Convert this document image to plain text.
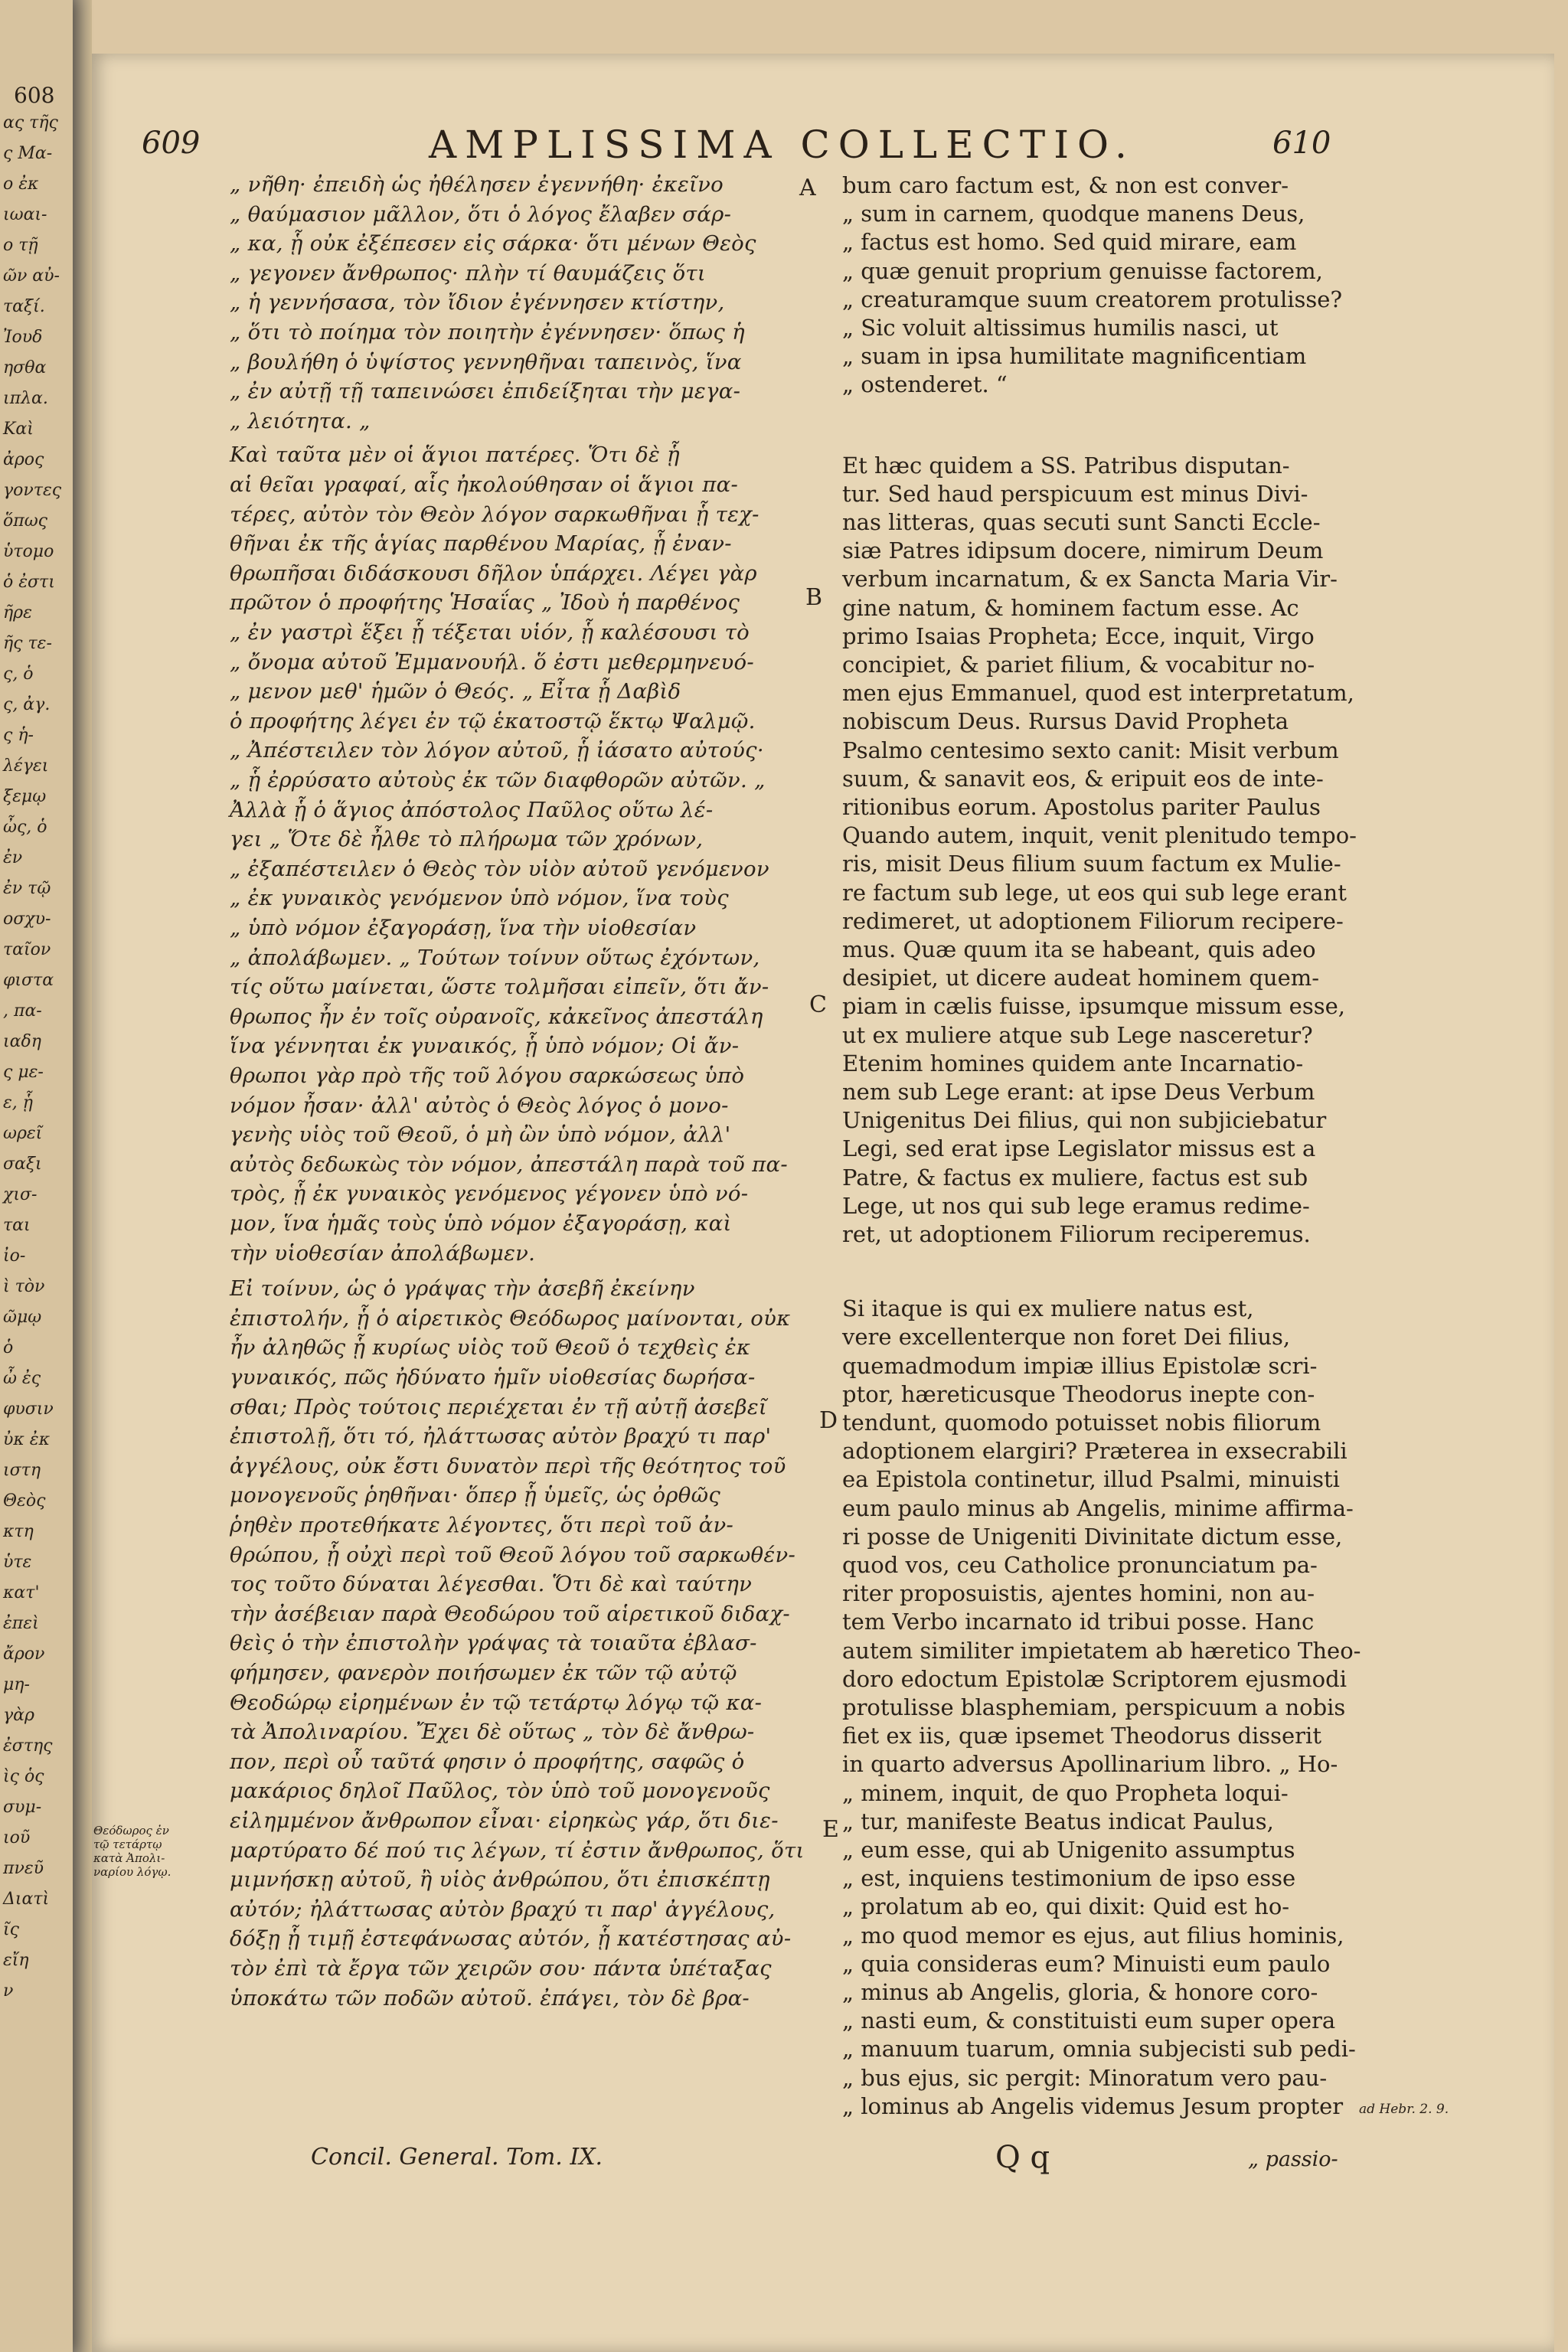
608
ας τῆς
ς Μα-
ο ἐκ
ιωαι-
ο τῇ
ῶν αὐ-
ταξί.
Ἰουδ
ησθα
ιπλα.
Καὶ
ἀρος
γοντες
ὅπως
ὑτομο
ὁ ἐστι
ῆρε
ῆς τε-
ς, ὁ
ς, ἀγ.
ς ἡ-
λέγει
ξεμῳ
ὦς, ὁ
ἐν
ἐν τῷ
οσχυ-
ταῖον
φιστα
, πα-
ιαδη
ς με-
ε, ᾗ
ωρεῖ
σαξι
χισ-
ται
ἰο-
ὶ τὸν
ῶμῳ
ὁ
ὦ ἐς
φυσιν
ὐκ ἐκ
ιστη
Θεὸς
κτη
ὑτε
κατ'
ἐπεὶ
ἄρον
μη-
γὰρ
ἐστης
ὶς ὁς
συμ-
ιοῦ
πνεῦ
Διατὶ
ῖς
εἴη
ν
609	AMPLISSIMA COLLECTIO.	610
„ νῆθη· ἐπειδὴ ὡς ἠθέλησεν ἐγεννήθη· ἐκεῖνο
„ θαύμασιον μᾶλλον, ὅτι ὁ λόγος ἔλαβεν σάρ-
„ κα, ᾗ οὐκ ἐξέπεσεν εἰς σάρκα· ὅτι μένων Θεὸς
„ γεγονεν ἄνθρωπος· πλὴν τί θαυμάζεις ὅτι
„ ἡ γεννήσασα, τὸν ἴδιον ἐγέννησεν κτίστην,
„ ὅτι τὸ ποίημα τὸν ποιητὴν ἐγέννησεν· ὅπως ἡ
„ βουλήθη ὁ ὑψίστος γεννηθῆναι ταπεινὸς, ἵνα
„ ἐν αὐτῇ τῇ ταπεινώσει ἐπιδείξηται τὴν μεγα-
„ λειότητα. „
Καὶ ταῦτα μὲν οἱ ἅγιοι πατέρες. Ὅτι δὲ ᾗ
αἱ θεῖαι γραφαί, αἷς ἠκολούθησαν οἱ ἅγιοι πα-
τέρες, αὐτὸν τὸν Θεὸν λόγον σαρκωθῆναι ᾗ τεχ-
θῆναι ἐκ τῆς ἁγίας παρθένου Μαρίας, ᾗ ἐναν-
θρωπῆσαι διδάσκουσι δῆλον ὑπάρχει. Λέγει γὰρ
πρῶτον ὁ προφήτης Ἡσαΐας „ Ἰδοὺ ἡ παρθένος
„ ἐν γαστρὶ ἕξει ᾗ τέξεται υἱόν, ᾗ καλέσουσι τὸ
„ ὄνομα αὐτοῦ Ἐμμανουήλ. ὅ ἐστι μεθερμηνευό-
„ μενον μεθ' ἡμῶν ὁ Θεός. „ Εἶτα ᾗ Δαβὶδ
ὁ προφήτης λέγει ἐν τῷ ἑκατοστῷ ἕκτῳ Ψαλμῷ.
„ Ἀπέστειλεν τὸν λόγον αὐτοῦ, ᾗ ἰάσατο αὐτούς·
„ ᾗ ἐρρύσατο αὐτοὺς ἐκ τῶν διαφθορῶν αὐτῶν. „
Ἀλλὰ ᾗ ὁ ἅγιος ἀπόστολος Παῦλος οὕτω λέ-
γει „ Ὅτε δὲ ἦλθε τὸ πλήρωμα τῶν χρόνων,
„ ἐξαπέστειλεν ὁ Θεὸς τὸν υἱὸν αὐτοῦ γενόμενον
„ ἐκ γυναικὸς γενόμενον ὑπὸ νόμον, ἵνα τοὺς
„ ὑπὸ νόμον ἐξαγοράσῃ, ἵνα τὴν υἱοθεσίαν
„ ἀπολάβωμεν. „ Τούτων τοίνυν οὕτως ἐχόντων,
τίς οὕτω μαίνεται, ὥστε τολμῆσαι εἰπεῖν, ὅτι ἄν-
θρωπος ἦν ἐν τοῖς οὐρανοῖς, κἀκεῖνος ἀπεστάλη
ἵνα γέννηται ἐκ γυναικός, ᾗ ὑπὸ νόμον; Οἱ ἄν-
θρωποι γὰρ πρὸ τῆς τοῦ λόγου σαρκώσεως ὑπὸ
νόμον ἦσαν· ἀλλ' αὐτὸς ὁ Θεὸς λόγος ὁ μονο-
γενὴς υἱὸς τοῦ Θεοῦ, ὁ μὴ ὢν ὑπὸ νόμον, ἀλλ'
αὐτὸς δεδωκὼς τὸν νόμον, ἀπεστάλη παρὰ τοῦ πα-
τρὸς, ᾗ ἐκ γυναικὸς γενόμενος γέγονεν ὑπὸ νό-
μον, ἵνα ἡμᾶς τοὺς ὑπὸ νόμον ἐξαγοράσῃ, καὶ
τὴν υἱοθεσίαν ἀπολάβωμεν.
Εἰ τοίνυν, ὡς ὁ γράψας τὴν ἀσεβῆ ἐκείνην
ἐπιστολήν, ᾗ ὁ αἱρετικὸς Θεόδωρος μαίνονται, οὐκ
ἦν ἀληθῶς ᾗ κυρίως υἱὸς τοῦ Θεοῦ ὁ τεχθεὶς ἐκ
γυναικός, πῶς ἠδύνατο ἡμῖν υἱοθεσίας δωρήσα-
σθαι; Πρὸς τούτοις περιέχεται ἐν τῇ αὐτῇ ἀσεβεῖ
ἐπιστολῇ, ὅτι τό, ἠλάττωσας αὐτὸν βραχύ τι παρ'
ἀγγέλους, οὐκ ἔστι δυνατὸν περὶ τῆς θεότητος τοῦ
μονογενοῦς ῥηθῆναι· ὅπερ ᾗ ὑμεῖς, ὡς ὀρθῶς
ῥηθὲν προτεθήκατε λέγοντες, ὅτι περὶ τοῦ ἀν-
θρώπου, ᾗ οὐχὶ περὶ τοῦ Θεοῦ λόγου τοῦ σαρκωθέν-
τος τοῦτο δύναται λέγεσθαι. Ὅτι δὲ καὶ ταύτην
τὴν ἀσέβειαν παρὰ Θεοδώρου τοῦ αἱρετικοῦ διδαχ-
θεὶς ὁ τὴν ἐπιστολὴν γράψας τὰ τοιαῦτα ἐβλασ-
φήμησεν, φανερὸν ποιήσωμεν ἐκ τῶν τῷ αὐτῷ
Θεοδώρῳ εἰρημένων ἐν τῷ τετάρτῳ λόγῳ τῷ κα-
τὰ Ἀπολιναρίου. Ἔχει δὲ οὕτως „ τὸν δὲ ἄνθρω-
πον, περὶ οὗ ταῦτά φησιν ὁ προφήτης, σαφῶς ὁ
μακάριος δηλοῖ Παῦλος, τὸν ὑπὸ τοῦ μονογενοῦς
εἰλημμένον ἄνθρωπον εἶναι· εἰρηκὼς γάρ, ὅτι διε-
μαρτύρατο δέ πού τις λέγων, τί ἐστιν ἄνθρωπος, ὅτι
μιμνήσκῃ αὐτοῦ, ἢ υἱὸς ἀνθρώπου, ὅτι ἐπισκέπτῃ
αὐτόν; ἠλάττωσας αὐτὸν βραχύ τι παρ' ἀγγέλους,
δόξῃ ᾗ τιμῇ ἐστεφάνωσας αὐτόν, ᾗ κατέστησας αὐ-
τὸν ἐπὶ τὰ ἔργα τῶν χειρῶν σου· πάντα ὑπέταξας
ὑποκάτω τῶν ποδῶν αὐτοῦ. ἐπάγει, τὸν δὲ βρα-
bum caro factum est, & non est conver-
„ sum in carnem, quodque manens Deus,
„ factus est homo. Sed quid mirare, eam
„ quæ genuit proprium genuisse factorem,
„ creaturamque suum creatorem protulisse?
„ Sic voluit altissimus humilis nasci, ut
„ suam in ipsa humilitate magnificentiam
„ ostenderet. “
Et hæc quidem a SS. Patribus disputan-
tur. Sed haud perspicuum est minus Divi-
nas litteras, quas secuti sunt Sancti Eccle-
siæ Patres idipsum docere, nimirum Deum
verbum incarnatum, & ex Sancta Maria Vir-
gine natum, & hominem factum esse. Ac
primo Isaias Propheta; Ecce, inquit, Virgo
concipiet, & pariet filium, & vocabitur no-
men ejus Emmanuel, quod est interpretatum,
nobiscum Deus. Rursus David Propheta
Psalmo centesimo sexto canit: Misit verbum
suum, & sanavit eos, & eripuit eos de inte-
ritionibus eorum. Apostolus pariter Paulus
Quando autem, inquit, venit plenitudo tempo-
ris, misit Deus filium suum factum ex Mulie-
re factum sub lege, ut eos qui sub lege erant
redimeret, ut adoptionem Filiorum recipere-
mus. Quæ quum ita se habeant, quis adeo
desipiet, ut dicere audeat hominem quem-
piam in cælis fuisse, ipsumque missum esse,
ut ex muliere atque sub Lege nasceretur?
Etenim homines quidem ante Incarnatio-
nem sub Lege erant: at ipse Deus Verbum
Unigenitus Dei filius, qui non subjiciebatur
Legi, sed erat ipse Legislator missus est a
Patre, & factus ex muliere, factus est sub
Lege, ut nos qui sub lege eramus redime-
ret, ut adoptionem Filiorum reciperemus.
Si itaque is qui ex muliere natus est,
vere excellenterque non foret Dei filius,
quemadmodum impiæ illius Epistolæ scri-
ptor, hæreticusque Theodorus inepte con-
tendunt, quomodo potuisset nobis filiorum
adoptionem elargiri? Præterea in exsecrabili
ea Epistola continetur, illud Psalmi, minuisti
eum paulo minus ab Angelis, minime affirma-
ri posse de Unigeniti Divinitate dictum esse,
quod vos, ceu Catholice pronunciatum pa-
riter proposuistis, ajentes homini, non au-
tem Verbo incarnato id tribui posse. Hanc
autem similiter impietatem ab hæretico Theo-
doro edoctum Epistolæ Scriptorem ejusmodi
protulisse blasphemiam, perspicuum a nobis
fiet ex iis, quæ ipsemet Theodorus disserit
in quarto adversus Apollinarium libro. „ Ho-
„ minem, inquit, de quo Propheta loqui-
„ tur, manifeste Beatus indicat Paulus,
„ eum esse, qui ab Unigenito assumptus
„ est, inquiens testimonium de ipso esse
„ prolatum ab eo, qui dixit: Quid est ho-
„ mo quod memor es ejus, aut filius hominis,
„ quia consideras eum? Minuisti eum paulo
„ minus ab Angelis, gloria, & honore coro-
„ nasti eum, & constituisti eum super opera
„ manuum tuarum, omnia subjecisti sub pedi-
„ bus ejus, sic pergit: Minoratum vero pau-
„ lominus ab Angelis videmus Jesum propter
A
B
C
D
E
Θεόδωρος ἐν τῷ τετάρτῳ κατὰ Ἀπολι-ναρίου λόγῳ.
ad Hebr. 2. 9.
Concil. General. Tom. IX.	Q q	„ passio-
